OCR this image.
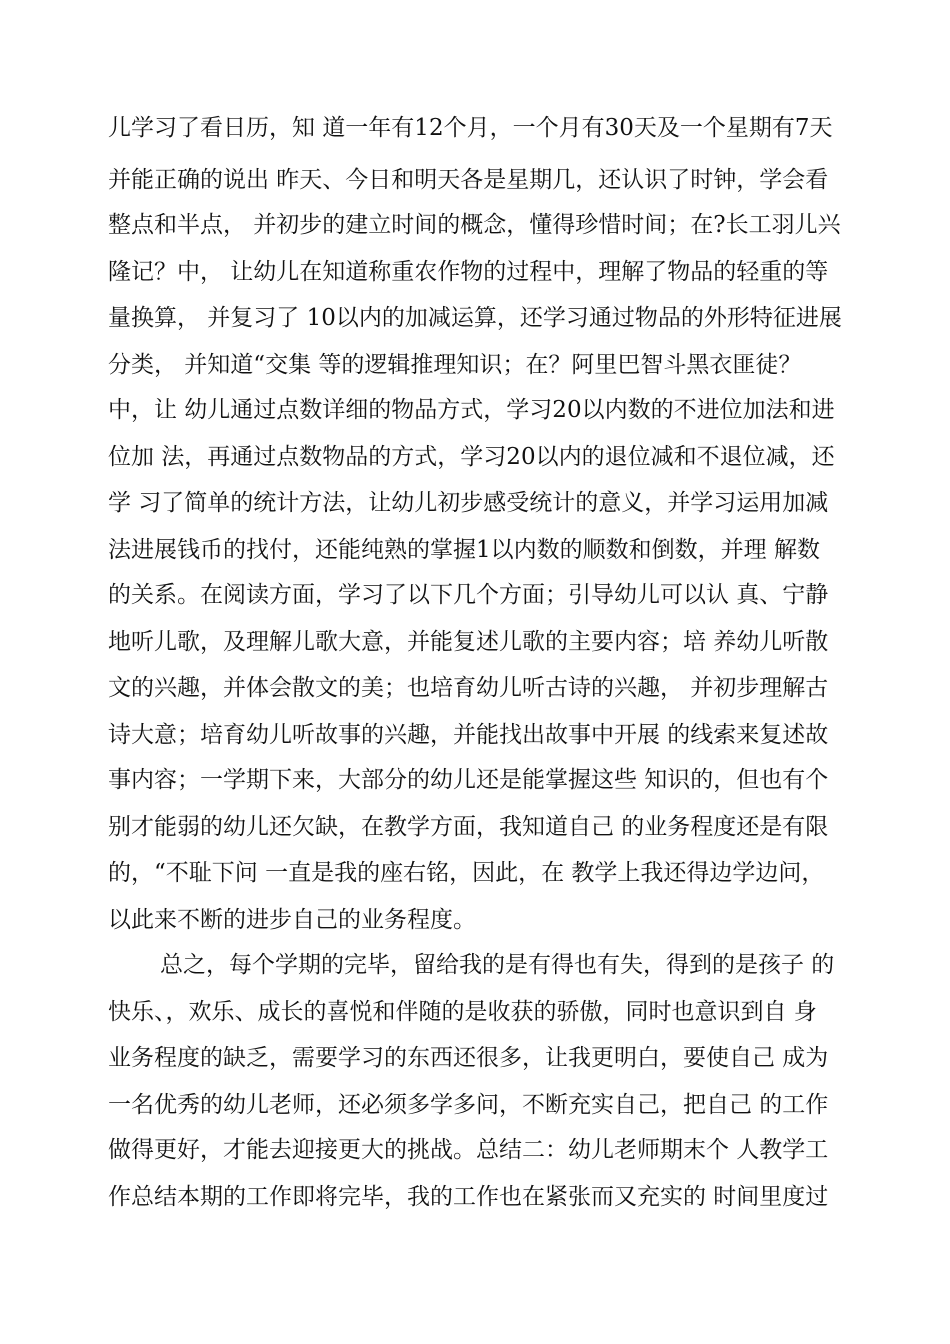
儿学习了看日历，知 道一年有12个月，一个月有30天及一个星期有7天
并能正确的说出 昨天、今日和明天各是星期几，还认识了时钟，学会看
整点和半点， 并初步的建立时间的概念，懂得珍惜时间；在?长工羽儿兴
隆记？中， 让幼儿在知道称重农作物的过程中，理解了物品的轻重的等
量换算， 并复习了 10以内的加减运算，还学习通过物品的外形特征进展
分类， 并知道“交集 等的逻辑推理知识；在？阿里巴智斗黑衣匪徒？
中，让 幼儿通过点数详细的物品方式，学习20以内数的不进位加法和进
位加 法，再通过点数物品的方式，学习20以内的退位减和不退位减，还
学 习了简单的统计方法，让幼儿初步感受统计的意义，并学习运用加减
法进展钱币的找付，还能纯熟的掌握1以内数的顺数和倒数，并理 解数
的关系。在阅读方面，学习了以下几个方面；引导幼儿可以认 真、宁静
地听儿歌，及理解儿歌大意，并能复述儿歌的主要内容；培 养幼儿听散
文的兴趣，并体会散文的美；也培育幼儿听古诗的兴趣， 并初步理解古
诗大意；培育幼儿听故事的兴趣，并能找出故事中开展 的线索来复述故
事内容；一学期下来，大部分的幼儿还是能掌握这些 知识的，但也有个
别才能弱的幼儿还欠缺，在教学方面，我知道自己 的业务程度还是有限
的，“不耻下问 一直是我的座右铭，因此，在 教学上我还得边学边问，
以此来不断的进步自己的业务程度。
总之，每个学期的完毕，留给我的是有得也有失，得到的是孩子 的
快乐、，欢乐、成长的喜悦和伴随的是收获的骄傲，同时也意识到自 身
业务程度的缺乏，需要学习的东西还很多，让我更明白，要使自己 成为
一名优秀的幼儿老师，还必须多学多问，不断充实自己，把自己 的工作
做得更好，才能去迎接更大的挑战。总结二：幼儿老师期末个 人教学工
作总结本期的工作即将完毕，我的工作也在紧张而又充实的 时间里度过
